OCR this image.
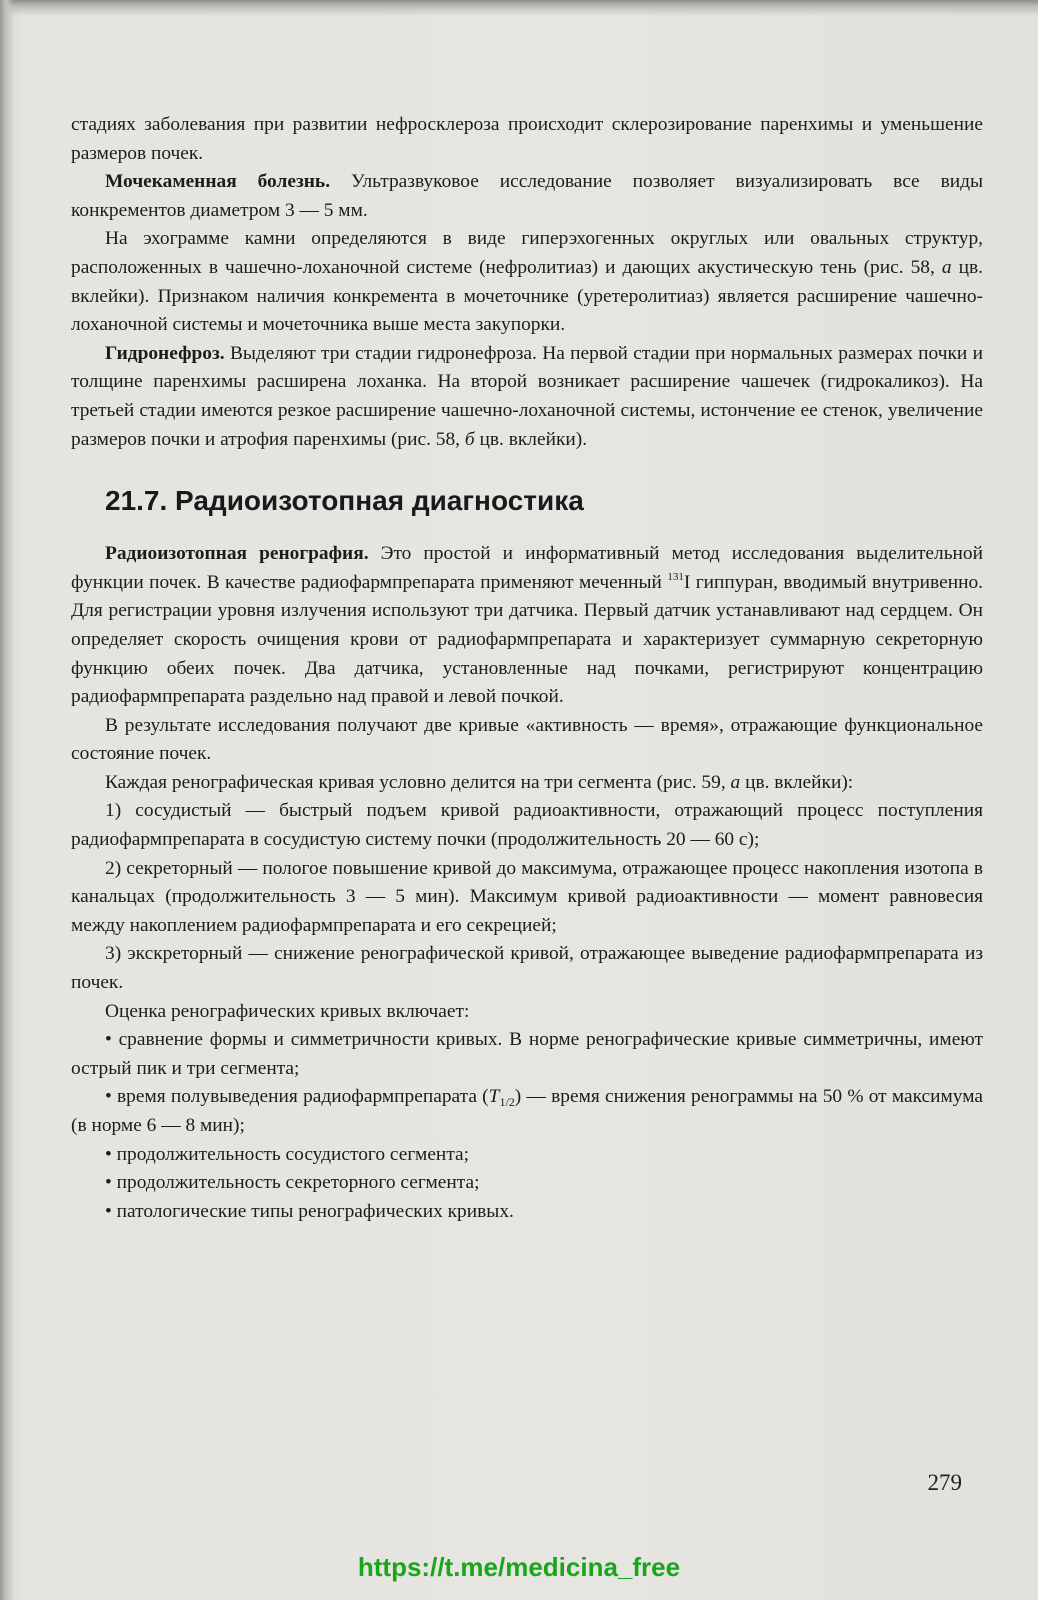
стадиях заболевания при развитии нефросклероза происходит склерозирование паренхимы и уменьшение размеров почек.

Мочекаменная болезнь. Ультразвуковое исследование позволяет визуализировать все виды конкрементов диаметром 3 — 5 мм.

На эхограмме камни определяются в виде гиперэхогенных округлых или овальных структур, расположенных в чашечно-лоханочной системе (нефролитиаз) и дающих акустическую тень (рис. 58, а цв. вклейки). Признаком наличия конкремента в мочеточнике (уретеролитиаз) является расширение чашечно-лоханочной системы и мочеточника выше места закупорки.

Гидронефроз. Выделяют три стадии гидронефроза. На первой стадии при нормальных размерах почки и толщине паренхимы расширена лоханка. На второй возникает расширение чашечек (гидрокаликоз). На третьей стадии имеются резкое расширение чашечно-лоханочной системы, истончение ее стенок, увеличение размеров почки и атрофия паренхимы (рис. 58, б цв. вклейки).

21.7. Радиоизотопная диагностика

Радиоизотопная ренография. Это простой и информативный метод исследования выделительной функции почек. В качестве радиофармпрепарата применяют меченный $^{131}$I гиппуран, вводимый внутривенно. Для регистрации уровня излучения используют три датчика. Первый датчик устанавливают над сердцем. Он определяет скорость очищения крови от радиофармпрепарата и характеризует суммарную секреторную функцию обеих почек. Два датчика, установленные над почками, регистрируют концентрацию радиофармпрепарата раздельно над правой и левой почкой.

В результате исследования получают две кривые «активность — время», отражающие функциональное состояние почек.

Каждая ренографическая кривая условно делится на три сегмента (рис. 59, а цв. вклейки):

1) сосудистый — быстрый подъем кривой радиоактивности, отражающий процесс поступления радиофармпрепарата в сосудистую систему почки (продолжительность 20 — 60 с);

2) секреторный — пологое повышение кривой до максимума, отражающее процесс накопления изотопа в канальцах (продолжительность 3 — 5 мин). Максимум кривой радиоактивности — момент равновесия между накоплением радиофармпрепарата и его секрецией;

3) экскреторный — снижение ренографической кривой, отражающее выведение радиофармпрепарата из почек.

Оценка ренографических кривых включает:

• сравнение формы и симметричности кривых. В норме ренографические кривые симметричны, имеют острый пик и три сегмента;

• время полувыведения радиофармпрепарата $(T_{1/2})$ — время снижения ренограммы на 50 % от максимума (в норме 6 — 8 мин);

• продолжительность сосудистого сегмента;

• продолжительность секреторного сегмента;

• патологические типы ренографических кривых.

279
https://t.me/medicina_free
